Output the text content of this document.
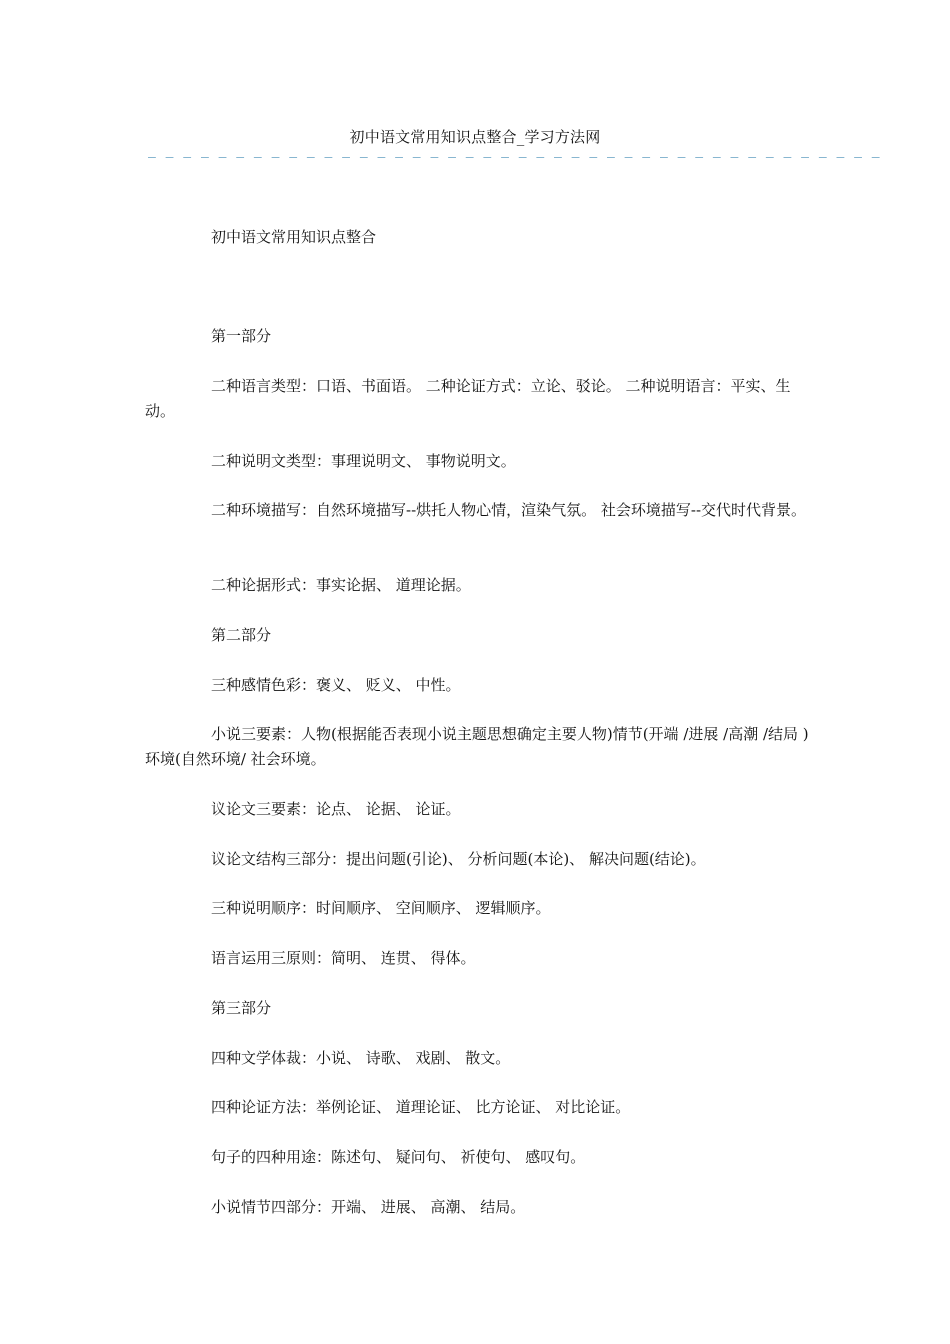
初中语文常用知识点整合_学习方法网
— — — — — — — — — — — — — — — — — — — — — — — — — — — — — — — — — — — — — — — — — —
初中语文常用知识点整合
第一部分
二种语言类型：口语、书面语。 二种论证方式：立论、驳论。 二种说明语言：平实、生动。
二种说明文类型：事理说明文、 事物说明文。
二种环境描写：自然环境描写--烘托人物心情，渲染气氛。 社会环境描写--交代时代背景。
二种论据形式：事实论据、 道理论据。
第二部分
三种感情色彩：褒义、 贬义、 中性。
小说三要素：人物(根据能否表现小说主题思想确定主要人物)情节(开端 /进展 /高潮 /结局 ) 环境(自然环境/ 社会环境。
议论文三要素：论点、 论据、 论证。
议论文结构三部分：提出问题(引论)、 分析问题(本论)、 解决问题(结论)。
三种说明顺序：时间顺序、 空间顺序、 逻辑顺序。
语言运用三原则：简明、 连贯、 得体。
第三部分
四种文学体裁：小说、 诗歌、 戏剧、 散文。
四种论证方法：举例论证、 道理论证、 比方论证、 对比论证。
句子的四种用途：陈述句、 疑问句、 祈使句、 感叹句。
小说情节四部分：开端、 进展、 高潮、 结局。
